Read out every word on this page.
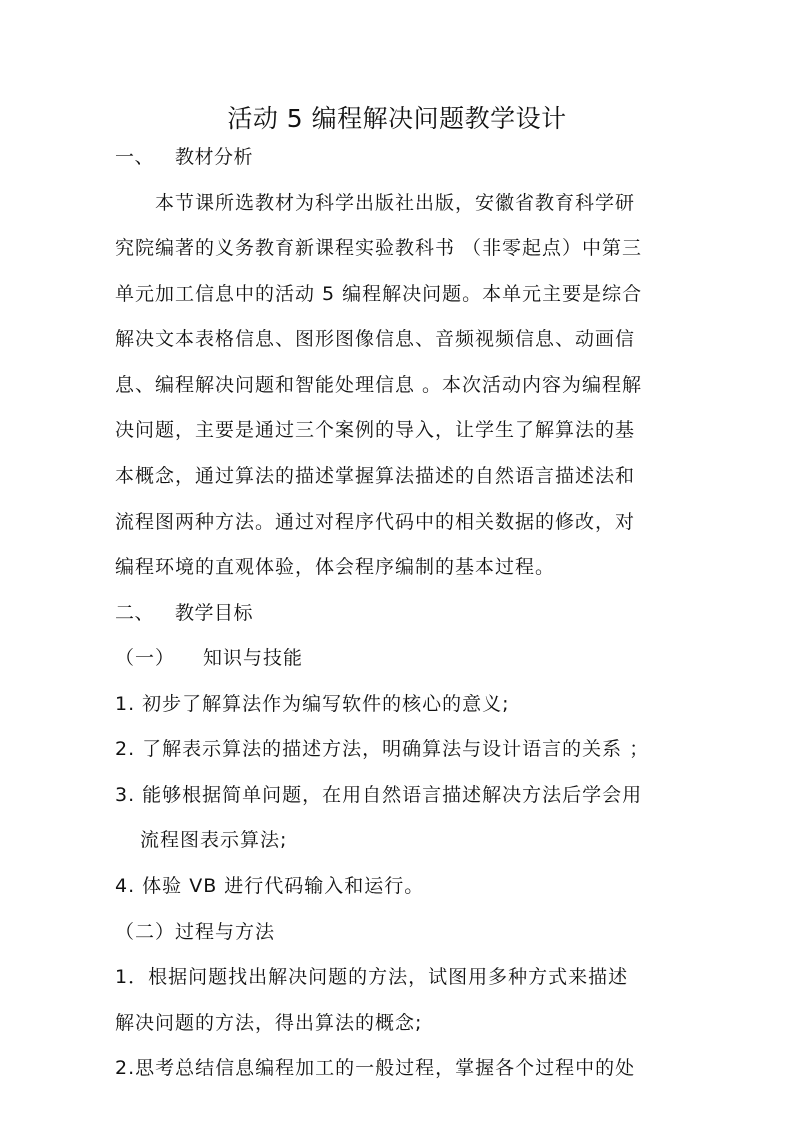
活动 5 编程解决问题教学设计
一、 教材分析
本节课所选教材为科学出版社出版，安徽省教育科学研
究院编著的义务教育新课程实验教科书 （非零起点）中第三
单元加工信息中的活动 5 编程解决问题。本单元主要是综合
解决文本表格信息、图形图像信息、音频视频信息、动画信
息、编程解决问题和智能处理信息 。本次活动内容为编程解
决问题，主要是通过三个案例的导入，让学生了解算法的基
本概念，通过算法的描述掌握算法描述的自然语言描述法和
流程图两种方法。通过对程序代码中的相关数据的修改，对
编程环境的直观体验，体会程序编制的基本过程。
二、 教学目标
（一） 知识与技能
1. 初步了解算法作为编写软件的核心的意义;
2. 了解表示算法的描述方法，明确算法与设计语言的关系 ；
3. 能够根据简单问题，在用自然语言描述解决方法后学会用
流程图表示算法;
4. 体验 VB 进行代码输入和运行。
（二）过程与方法
1．根据问题找出解决问题的方法，试图用多种方式来描述
解决问题的方法，得出算法的概念;
2.思考总结信息编程加工的一般过程，掌握各个过程中的处
